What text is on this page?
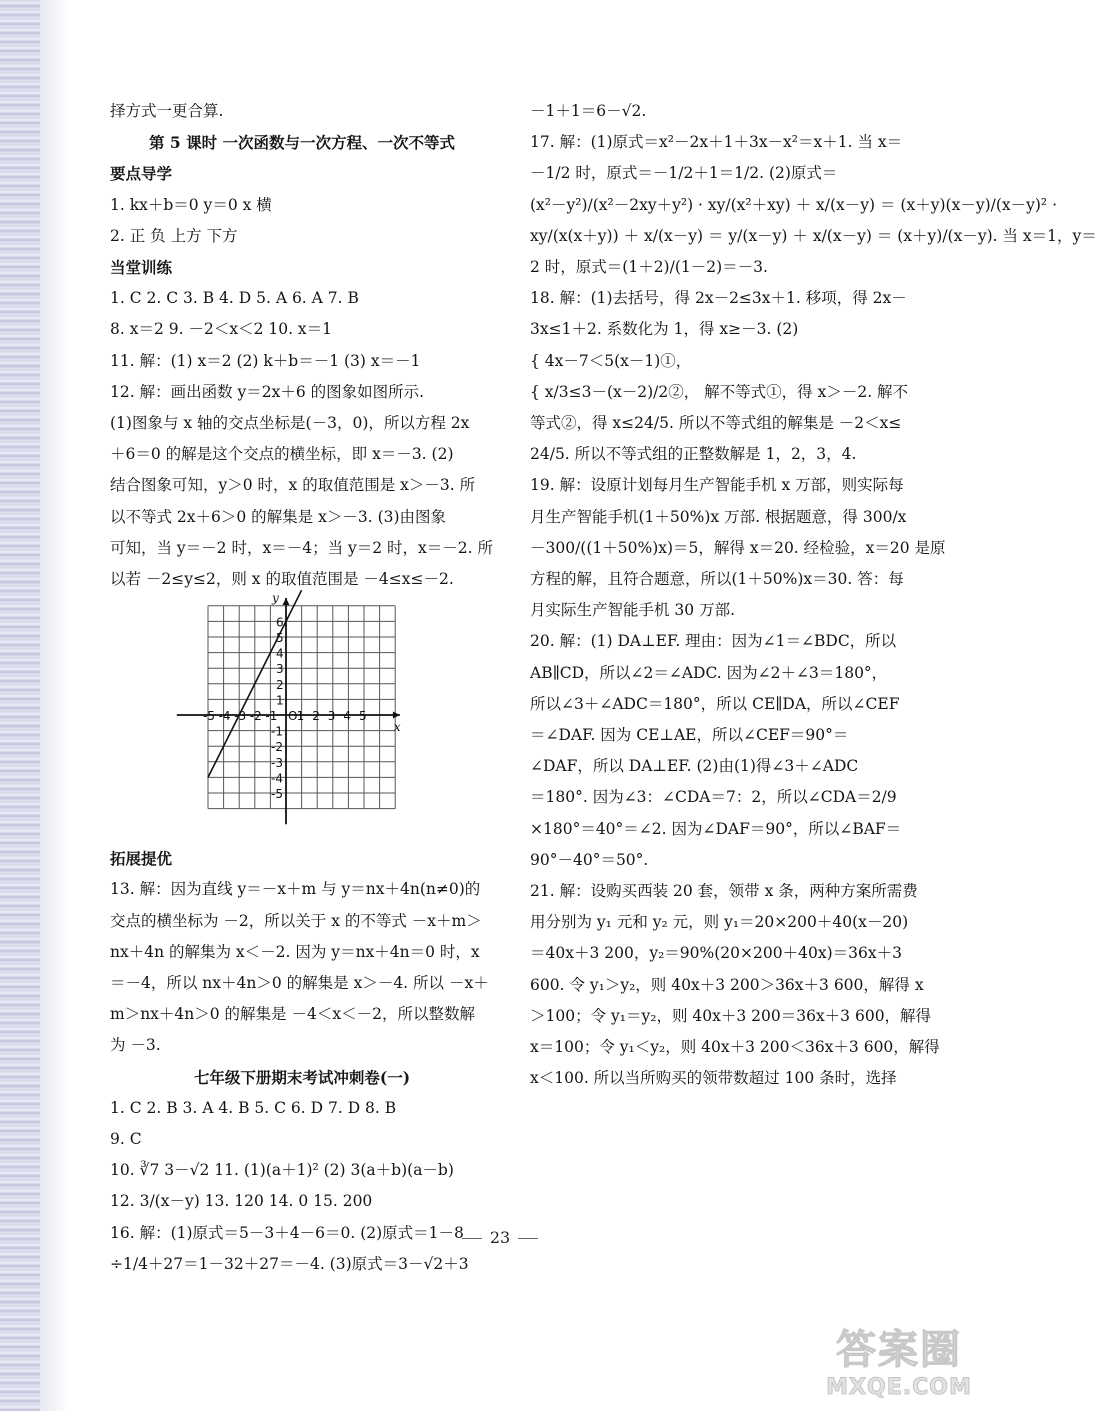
择方式一更合算.
第 5 课时 一次函数与一次方程、一次不等式
要点导学
1. kx＋b＝0 y＝0 x 横
2. 正 负 上方 下方
当堂训练
1. C 2. C 3. B 4. D 5. A 6. A 7. B
8. x＝2 9. －2＜x＜2 10. x＝1
11. 解：(1) x＝2 (2) k＋b＝－1 (3) x＝－1
12. 解：画出函数 y＝2x＋6 的图象如图所示.
(1)图象与 x 轴的交点坐标是(－3，0)，所以方程 2x
＋6＝0 的解是这个交点的横坐标，即 x＝－3. (2)
结合图象可知，y＞0 时，x 的取值范围是 x＞－3. 所
以不等式 2x＋6＞0 的解集是 x＞－3. (3)由图象
可知，当 y＝－2 时，x＝－4；当 y＝2 时，x＝－2. 所
以若 －2≤y≤2，则 x 的取值范围是 －4≤x≤－2.
-5 -4 -3 -2 -1 1 2 3 4 5
6
5
4
3
2
1
-1
-2
-3
-4
-5
O
x
y
拓展提优
13. 解：因为直线 y＝－x＋m 与 y＝nx＋4n(n≠0)的
交点的横坐标为 －2，所以关于 x 的不等式 －x＋m＞
nx＋4n 的解集为 x＜－2. 因为 y＝nx＋4n＝0 时，x
＝－4，所以 nx＋4n＞0 的解集是 x＞－4. 所以 －x＋
m＞nx＋4n＞0 的解集是 －4＜x＜－2，所以整数解
为 －3.
七年级下册期末考试冲刺卷(一)
1. C 2. B 3. A 4. B 5. C 6. D 7. D 8. B
9. C
10. ∛7 3－√2 11. (1)(a＋1)² (2) 3(a＋b)(a－b)
12. 3/(x－y) 13. 120 14. 0 15. 200
16. 解：(1)原式＝5－3＋4－6＝0. (2)原式＝1－8
÷1/4＋27＝1－32＋27＝－4. (3)原式＝3－√2＋3
－1＋1＝6－√2.
17. 解：(1)原式＝x²－2x＋1＋3x－x²＝x＋1. 当 x＝
－1/2 时，原式＝－1/2＋1＝1/2. (2)原式＝
(x²－y²)/(x²－2xy＋y²) · xy/(x²＋xy) ＋ x/(x－y) ＝ (x＋y)(x－y)/(x－y)² ·
xy/(x(x＋y)) ＋ x/(x－y) ＝ y/(x－y) ＋ x/(x－y) ＝ (x＋y)/(x－y). 当 x＝1，y＝
2 时，原式＝(1＋2)/(1－2)＝－3.
18. 解：(1)去括号，得 2x－2≤3x＋1. 移项，得 2x－
3x≤1＋2. 系数化为 1，得 x≥－3. (2)
{ 4x－7＜5(x－1)①，
{ x/3≤3－(x－2)/2②， 解不等式①，得 x＞－2. 解不
等式②，得 x≤24/5. 所以不等式组的解集是 －2＜x≤
24/5. 所以不等式组的正整数解是 1，2，3，4.
19. 解：设原计划每月生产智能手机 x 万部，则实际每
月生产智能手机(1＋50%)x 万部. 根据题意，得 300/x
－300/((1＋50%)x)＝5，解得 x＝20. 经检验，x＝20 是原
方程的解，且符合题意，所以(1＋50%)x＝30. 答：每
月实际生产智能手机 30 万部.
20. 解：(1) DA⊥EF. 理由：因为∠1＝∠BDC，所以
AB∥CD，所以∠2＝∠ADC. 因为∠2＋∠3＝180°，
所以∠3＋∠ADC＝180°，所以 CE∥DA，所以∠CEF
＝∠DAF. 因为 CE⊥AE，所以∠CEF＝90°＝
∠DAF，所以 DA⊥EF. (2)由(1)得∠3＋∠ADC
＝180°. 因为∠3：∠CDA＝7：2，所以∠CDA＝2/9
×180°＝40°＝∠2. 因为∠DAF＝90°，所以∠BAF＝
90°－40°＝50°.
21. 解：设购买西装 20 套，领带 x 条，两种方案所需费
用分别为 y₁ 元和 y₂ 元，则 y₁＝20×200＋40(x－20)
＝40x＋3 200，y₂＝90%(20×200＋40x)＝36x＋3
600. 令 y₁＞y₂，则 40x＋3 200＞36x＋3 600，解得 x
＞100；令 y₁＝y₂，则 40x＋3 200＝36x＋3 600，解得
x＝100；令 y₁＜y₂，则 40x＋3 200＜36x＋3 600，解得
x＜100. 所以当所购买的领带数超过 100 条时，选择
23
答案圈
MXQE.COM
